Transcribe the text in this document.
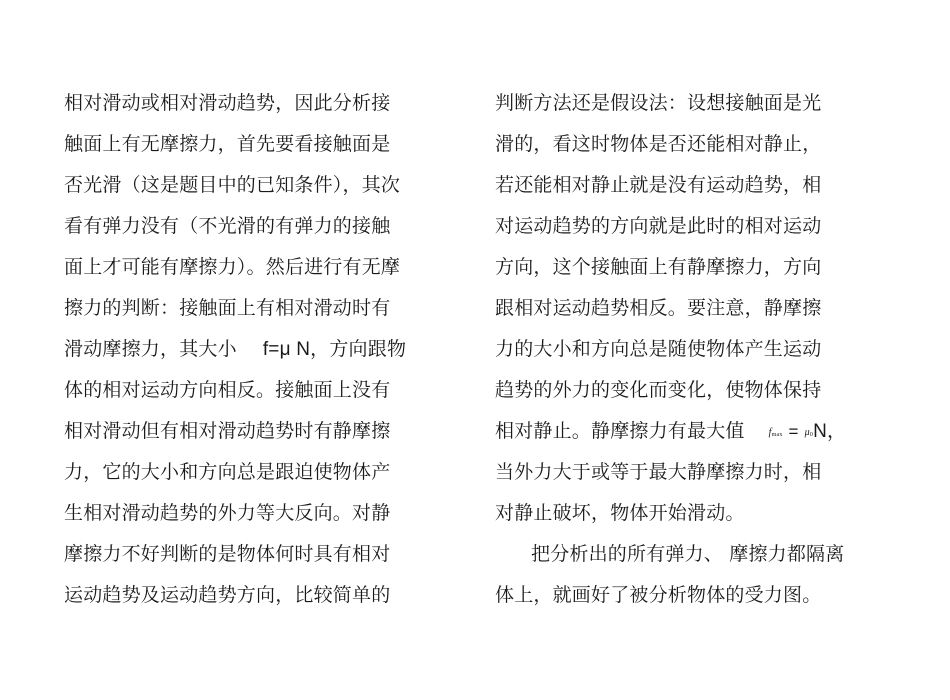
相对滑动或相对滑动趋势，因此分析接
触面上有无摩擦力，首先要看接触面是
否光滑（这是题目中的已知条件），其次
看有弹力没有（不光滑的有弹力的接触
面上才可能有摩擦力）。然后进行有无摩
擦力的判断：接触面上有相对滑动时有
滑动摩擦力，其大小 f=μ N，方向跟物
体的相对运动方向相反。接触面上没有
相对滑动但有相对滑动趋势时有静摩擦
力，它的大小和方向总是跟迫使物体产
生相对滑动趋势的外力等大反向。对静
摩擦力不好判断的是物体何时具有相对
运动趋势及运动趋势方向，比较简单的
判断方法还是假设法：设想接触面是光
滑的，看这时物体是否还能相对静止，
若还能相对静止就是没有运动趋势，相
对运动趋势的方向就是此时的相对运动
方向，这个接触面上有静摩擦力，方向
跟相对运动趋势相反。要注意，静摩擦
力的大小和方向总是随使物体产生运动
趋势的外力的变化而变化，使物体保持
相对静止。静摩擦力有最大值 fmax = μ0N，
当外力大于或等于最大静摩擦力时，相
对静止破坏，物体开始滑动。
把分析出的所有弹力、 摩擦力都隔离
体上，就画好了被分析物体的受力图。
